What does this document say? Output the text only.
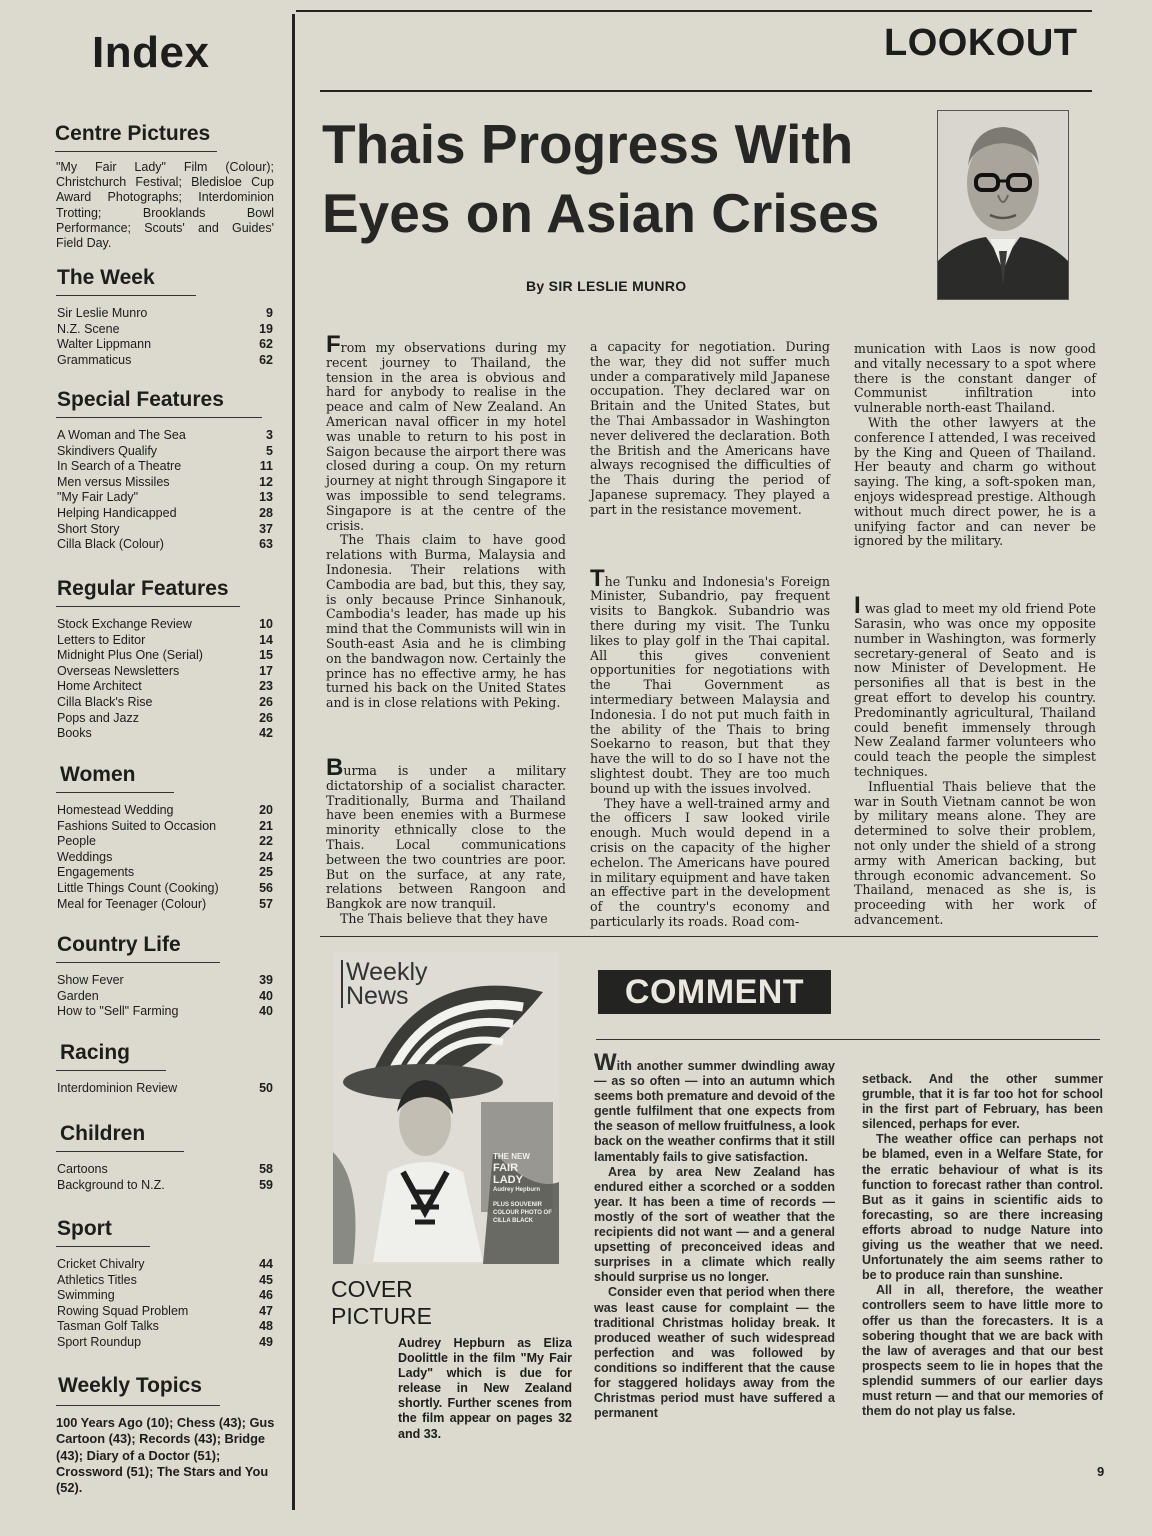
Index
Centre Pictures
"My Fair Lady" Film (Colour); Christchurch Festival; Bledisloe Cup Award Photographs; Interdominion Trotting; Brooklands Bowl Performance; Scouts' and Guides' Field Day.
The Week
Sir Leslie Munro	9
N.Z. Scene	19
Walter Lippmann	62
Grammaticus	62
Special Features
A Woman and The Sea	3
Skindivers Qualify	5
In Search of a Theatre	11
Men versus Missiles	12
"My Fair Lady"	13
Helping Handicapped	28
Short Story	37
Cilla Black (Colour)	63
Regular Features
Stock Exchange Review	10
Letters to Editor	14
Midnight Plus One (Serial)	15
Overseas Newsletters	17
Home Architect	23
Cilla Black's Rise	26
Pops and Jazz	26
Books	42
Women
Homestead Wedding	20
Fashions Suited to Occasion	21
People	22
Weddings	24
Engagements	25
Little Things Count (Cooking)	56
Meal for Teenager (Colour)	57
Country Life
Show Fever	39
Garden	40
How to "Sell" Farming	40
Racing
Interdominion Review	50
Children
Cartoons	58
Background to N.Z.	59
Sport
Cricket Chivalry	44
Athletics Titles	45
Swimming	46
Rowing Squad Problem	47
Tasman Golf Talks	48
Sport Roundup	49
Weekly Topics
100 Years Ago (10); Chess (43); Gus Cartoon (43); Records (43); Bridge (43); Diary of a Doctor (51); Crossword (51); The Stars and You (52).
LOOKOUT
Thais Progress With
Eyes on Asian Crises
By SIR LESLIE MUNRO

From my observations during my recent journey to Thailand, the tension in the area is obvious and hard for anybody to realise in the peace and calm of New Zealand. An American naval officer in my hotel was unable to return to his post in Saigon because the airport there was closed during a coup. On my return journey at night through Singapore it was impossible to send telegrams. Singapore is at the centre of the crisis.

The Thais claim to have good relations with Burma, Malaysia and Indonesia. Their relations with Cambodia are bad, but this, they say, is only because Prince Sinhanouk, Cambodia's leader, has made up his mind that the Communists will win in South-east Asia and he is climbing on the bandwagon now. Certainly the prince has no effective army, he has turned his back on the United States and is in close relations with Peking.

Burma is under a military dictatorship of a socialist character. Traditionally, Burma and Thailand have been enemies with a Burmese minority ethnically close to the Thais. Local communications between the two countries are poor. But on the surface, at any rate, relations between Rangoon and Bangkok are now tranquil.

The Thais believe that they have

a capacity for negotiation. During the war, they did not suffer much under a comparatively mild Japanese occupation. They declared war on Britain and the United States, but the Thai Ambassador in Washington never delivered the declaration. Both the British and the Americans have always recognised the difficulties of the Thais during the period of Japanese supremacy. They played a part in the resistance movement.

The Tunku and Indonesia's Foreign Minister, Subandrio, pay frequent visits to Bangkok. Subandrio was there during my visit. The Tunku likes to play golf in the Thai capital. All this gives convenient opportunities for negotiations with the Thai Government as intermediary between Malaysia and Indonesia. I do not put much faith in the ability of the Thais to bring Soekarno to reason, but that they have the will to do so I have not the slightest doubt. They are too much bound up with the issues involved.

They have a well-trained army and the officers I saw looked virile enough. Much would depend in a crisis on the capacity of the higher echelon. The Americans have poured in military equipment and have taken an effective part in the development of the country's economy and particularly its roads. Road com-

munication with Laos is now good and vitally necessary to a spot where there is the constant danger of Communist infiltration into vulnerable north-east Thailand.

With the other lawyers at the conference I attended, I was received by the King and Queen of Thailand. Her beauty and charm go without saying. The king, a soft-spoken man, enjoys widespread prestige. Although without much direct power, he is a unifying factor and can never be ignored by the military.

I was glad to meet my old friend Pote Sarasin, who was once my opposite number in Washington, was formerly secretary-general of Seato and is now Minister of Development. He personifies all that is best in the great effort to develop his country. Predominantly agricultural, Thailand could benefit immensely through New Zealand farmer volunteers who could teach the people the simplest techniques.

Influential Thais believe that the war in South Vietnam cannot be won by military means alone. They are determined to solve their problem, not only under the shield of a strong army with American backing, but through economic advancement. So Thailand, menaced as she is, is proceeding with her work of advancement.

Weekly
News
THE NEW
FAIR
LADY
Audrey Hepburn
PLUS SOUVENIR COLOUR PHOTO OF CILLA BLACK
COVER
PICTURE
Audrey Hepburn as Eliza Doolittle in the film "My Fair Lady" which is due for release in New Zealand shortly. Further scenes from the film appear on pages 32 and 33.
COMMENT

With another summer dwindling away — as so often — into an autumn which seems both premature and devoid of the gentle fulfilment that one expects from the season of mellow fruitfulness, a look back on the weather confirms that it still lamentably fails to give satisfaction.

Area by area New Zealand has endured either a scorched or a sodden year. It has been a time of records —mostly of the sort of weather that the recipients did not want — and a general upsetting of preconceived ideas and surprises in a climate which really should surprise us no longer.

Consider even that period when there was least cause for complaint — the traditional Christmas holiday break. It produced weather of such widespread perfection and was followed by conditions so indifferent that the cause for staggered holidays away from the Christmas period must have suffered a permanent

setback. And the other summer grumble, that it is far too hot for school in the first part of February, has been silenced, perhaps for ever.

The weather office can perhaps not be blamed, even in a Welfare State, for the erratic behaviour of what is its function to forecast rather than control. But as it gains in scientific aids to forecasting, so are there increasing efforts abroad to nudge Nature into giving us the weather that we need. Unfortunately the aim seems rather to be to produce rain than sunshine.

All in all, therefore, the weather controllers seem to have little more to offer us than the forecasters. It is a sobering thought that we are back with the law of averages and that our best prospects seem to lie in hopes that the splendid summers of our earlier days must return — and that our memories of them do not play us false.

9
